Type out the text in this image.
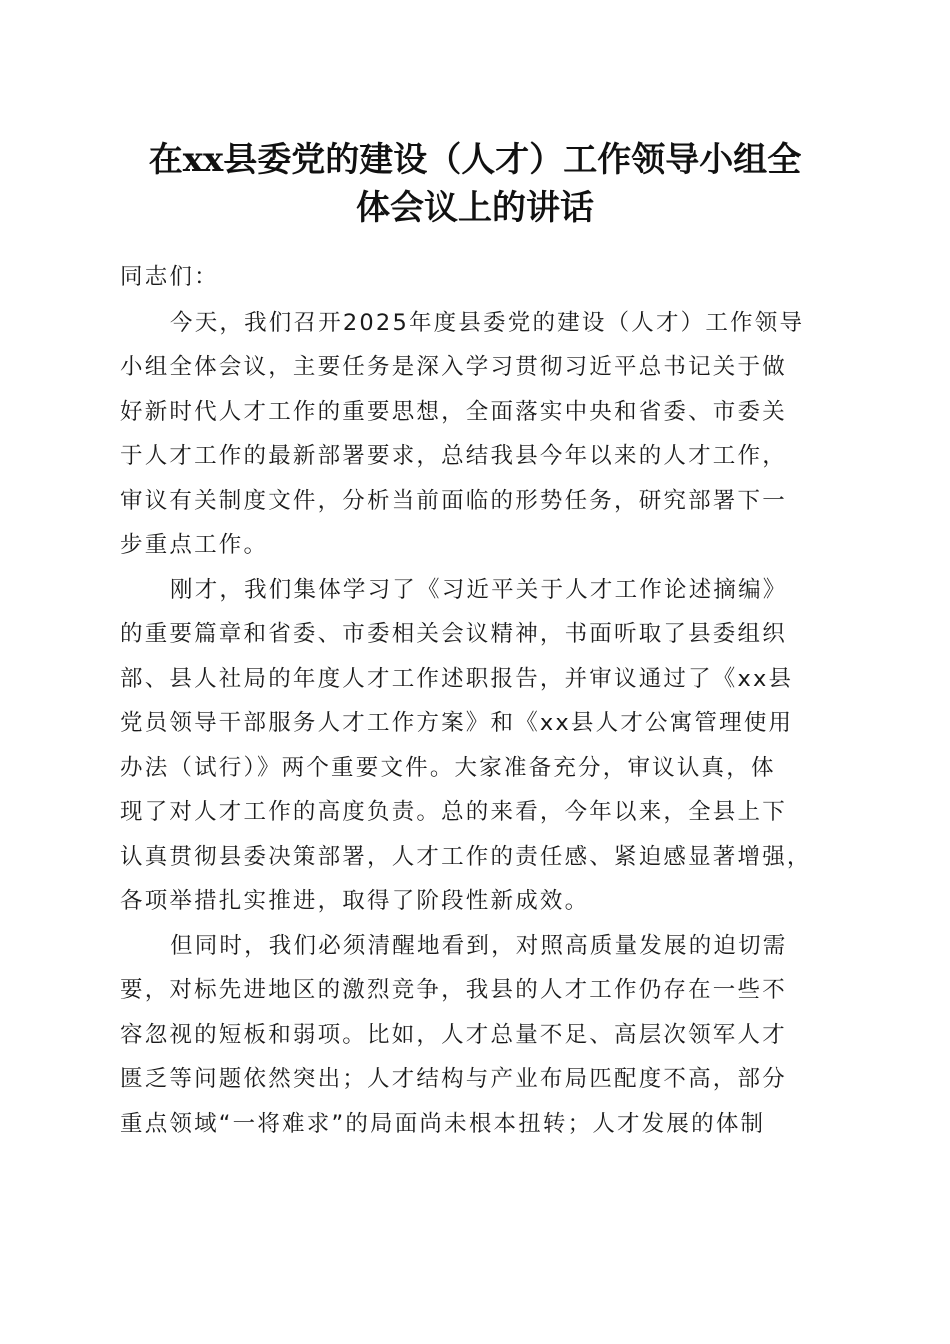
在xx县委党的建设（人才）工作领导小组全
体会议上的讲话
同志们：
今天，我们召开2025年度县委党的建设（人才）工作领导
小组全体会议，主要任务是深入学习贯彻习近平总书记关于做
好新时代人才工作的重要思想，全面落实中央和省委、市委关
于人才工作的最新部署要求，总结我县今年以来的人才工作，
审议有关制度文件，分析当前面临的形势任务，研究部署下一
步重点工作。
刚才，我们集体学习了《习近平关于人才工作论述摘编》
的重要篇章和省委、市委相关会议精神，书面听取了县委组织
部、县人社局的年度人才工作述职报告，并审议通过了《xx县
党员领导干部服务人才工作方案》和《xx县人才公寓管理使用
办法（试行）》两个重要文件。大家准备充分，审议认真，体
现了对人才工作的高度负责。总的来看，今年以来，全县上下
认真贯彻县委决策部署，人才工作的责任感、紧迫感显著增强，
各项举措扎实推进，取得了阶段性新成效。
但同时，我们必须清醒地看到，对照高质量发展的迫切需
要，对标先进地区的激烈竞争，我县的人才工作仍存在一些不
容忽视的短板和弱项。比如，人才总量不足、高层次领军人才
匮乏等问题依然突出；人才结构与产业布局匹配度不高，部分
重点领域“一将难求”的局面尚未根本扭转；人才发展的体制
